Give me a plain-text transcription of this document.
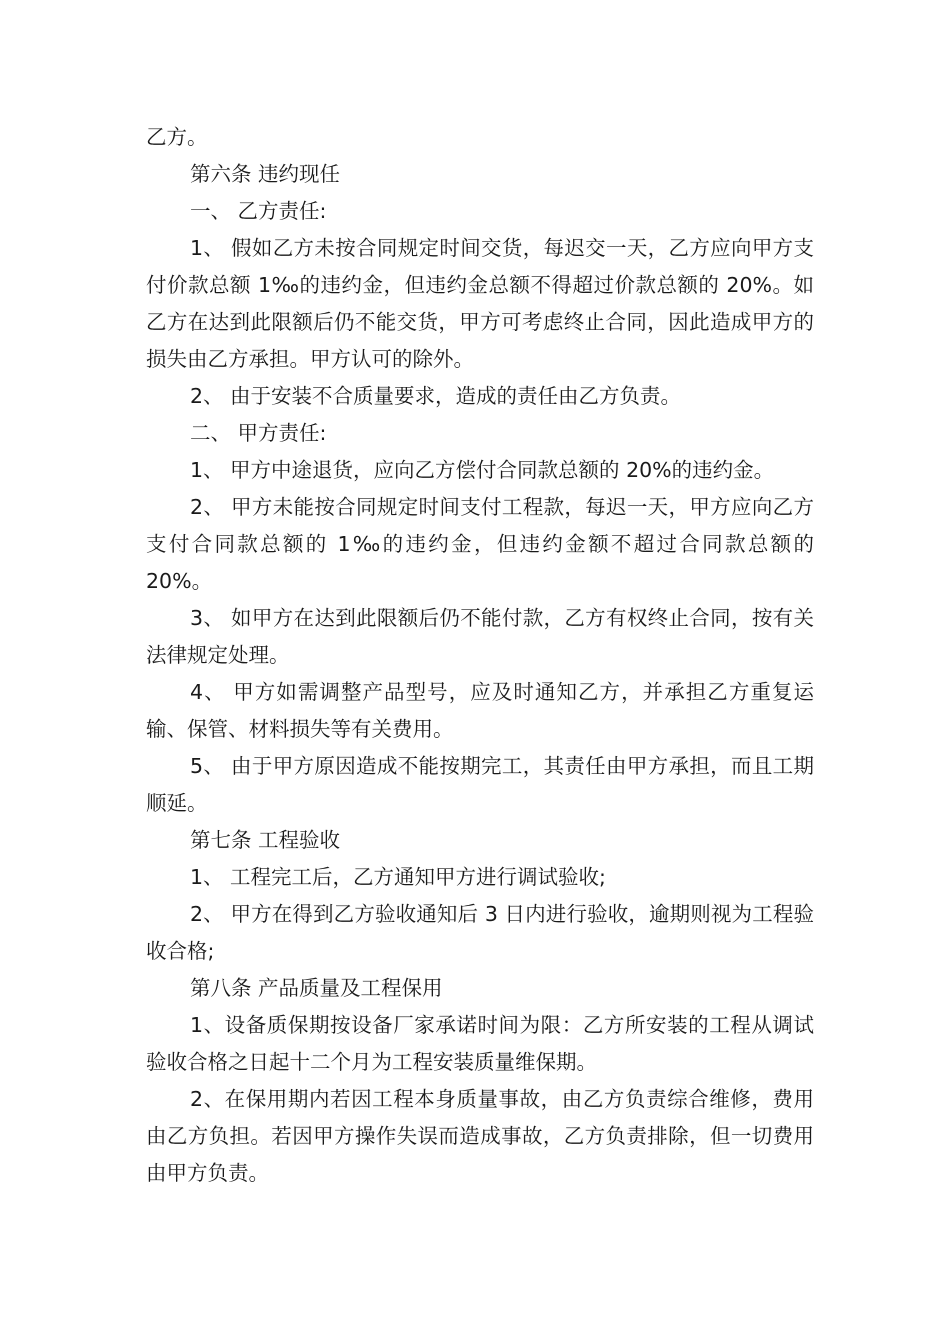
乙方。

第六条 违约现任

一、 乙方责任:

1、 假如乙方未按合同规定时间交货，每迟交一天，乙方应向甲方支付价款总额 1‰的违约金，但违约金总额不得超过价款总额的 20%。如乙方在达到此限额后仍不能交货，甲方可考虑终止合同，因此造成甲方的损失由乙方承担。甲方认可的除外。

2、 由于安装不合质量要求，造成的责任由乙方负责。

二、 甲方责任:

1、 甲方中途退货，应向乙方偿付合同款总额的 20%的违约金。

2、 甲方未能按合同规定时间支付工程款，每迟一天，甲方应向乙方支付合同款总额的 1‰的违约金，但违约金额不超过合同款总额的 20%。

3、 如甲方在达到此限额后仍不能付款，乙方有权终止合同，按有关法律规定处理。

4、 甲方如需调整产品型号，应及时通知乙方，并承担乙方重复运输、保管、材料损失等有关费用。

5、 由于甲方原因造成不能按期完工，其责任由甲方承担，而且工期顺延。

第七条 工程验收

1、 工程完工后，乙方通知甲方进行调试验收;

2、 甲方在得到乙方验收通知后 3 日内进行验收，逾期则视为工程验收合格;

第八条 产品质量及工程保用

1、设备质保期按设备厂家承诺时间为限：乙方所安装的工程从调试验收合格之日起十二个月为工程安装质量维保期。

2、在保用期内若因工程本身质量事故，由乙方负责综合维修，费用由乙方负担。若因甲方操作失误而造成事故，乙方负责排除，但一切费用由甲方负责。
